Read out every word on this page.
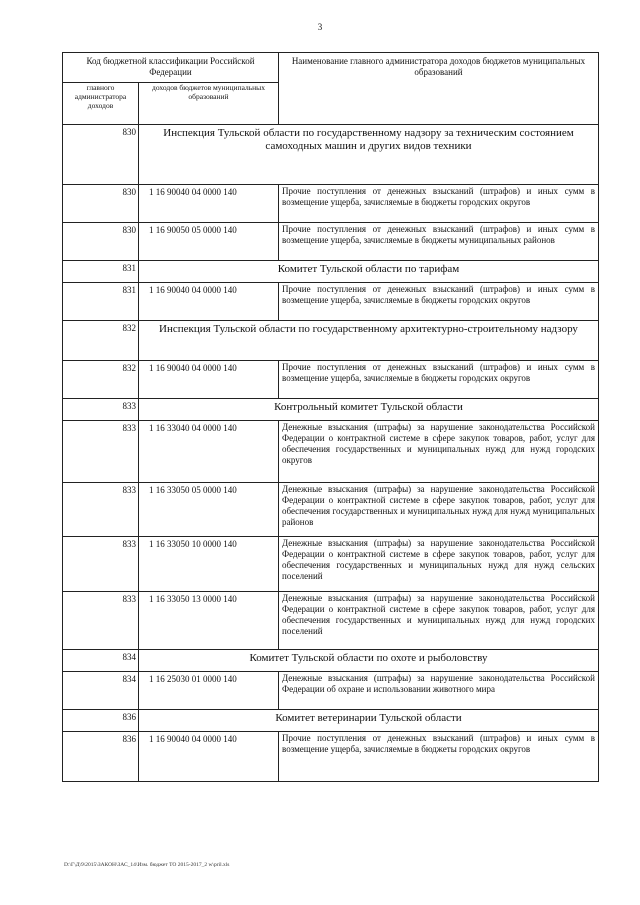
3
Код бюджетной классификации Российской Федерации		Наименование главного администратора доходов бюджетов муниципальных образований
главного администратора доходов	доходов бюджетов муниципальных образований	
830	Инспекция Тульской области по государственному надзору за техническим состоянием самоходных машин и других видов техники	
830	1 16 90040 04 0000 140	Прочие поступления от денежных взысканий (штрафов) и иных сумм в возмещение ущерба, зачисляемые в бюджеты городских округов
830	1 16 90050 05 0000 140	Прочие поступления от денежных взысканий (штрафов) и иных сумм в возмещение ущерба, зачисляемые в бюджеты муниципальных районов
831	Комитет Тульской области по тарифам	
831	1 16 90040 04 0000 140	Прочие поступления от денежных взысканий (штрафов) и иных сумм в возмещение ущерба, зачисляемые в бюджеты городских округов
832	Инспекция Тульской области по государственному архитектурно-строительному надзору	
832	1 16 90040 04 0000 140	Прочие поступления от денежных взысканий (штрафов) и иных сумм в возмещение ущерба, зачисляемые в бюджеты городских округов
833	Контрольный комитет Тульской области	
833	1 16 33040 04 0000 140	Денежные взыскания (штрафы) за нарушение законодательства Российской Федерации о контрактной системе в сфере закупок товаров, работ, услуг для обеспечения государственных и муниципальных нужд для нужд городских округов
833	1 16 33050 05 0000 140	Денежные взыскания (штрафы) за нарушение законодательства Российской Федерации о контрактной системе в сфере закупок товаров, работ, услуг для обеспечения государственных и муниципальных нужд для нужд муниципальных районов
833	1 16 33050 10 0000 140	Денежные взыскания (штрафы) за нарушение законодательства Российской Федерации о контрактной системе в сфере закупок товаров, работ, услуг для обеспечения государственных и муниципальных нужд для нужд сельских поселений
833	1 16 33050 13 0000 140	Денежные взыскания (штрафы) за нарушение законодательства Российской Федерации о контрактной системе в сфере закупок товаров, работ, услуг для обеспечения государственных и муниципальных нужд для нужд городских поселений
834	Комитет Тульской области по охоте и рыболовству	
834	1 16 25030 01 0000 140	Денежные взыскания (штрафы) за нарушение законодательства Российской Федерации об охране и использовании животного мира
836	Комитет ветеринарии Тульской области	
836	1 16 90040 04 0000 140	Прочие поступления от денежных взысканий (штрафов) и иных сумм в возмещение ущерба, зачисляемые в бюджеты городских округов
D:\Г\Д\9\2015\ЗАКОН\ЗАС_14\Изм. бюджет ТО 2015-2017_2 w\pril.xls
